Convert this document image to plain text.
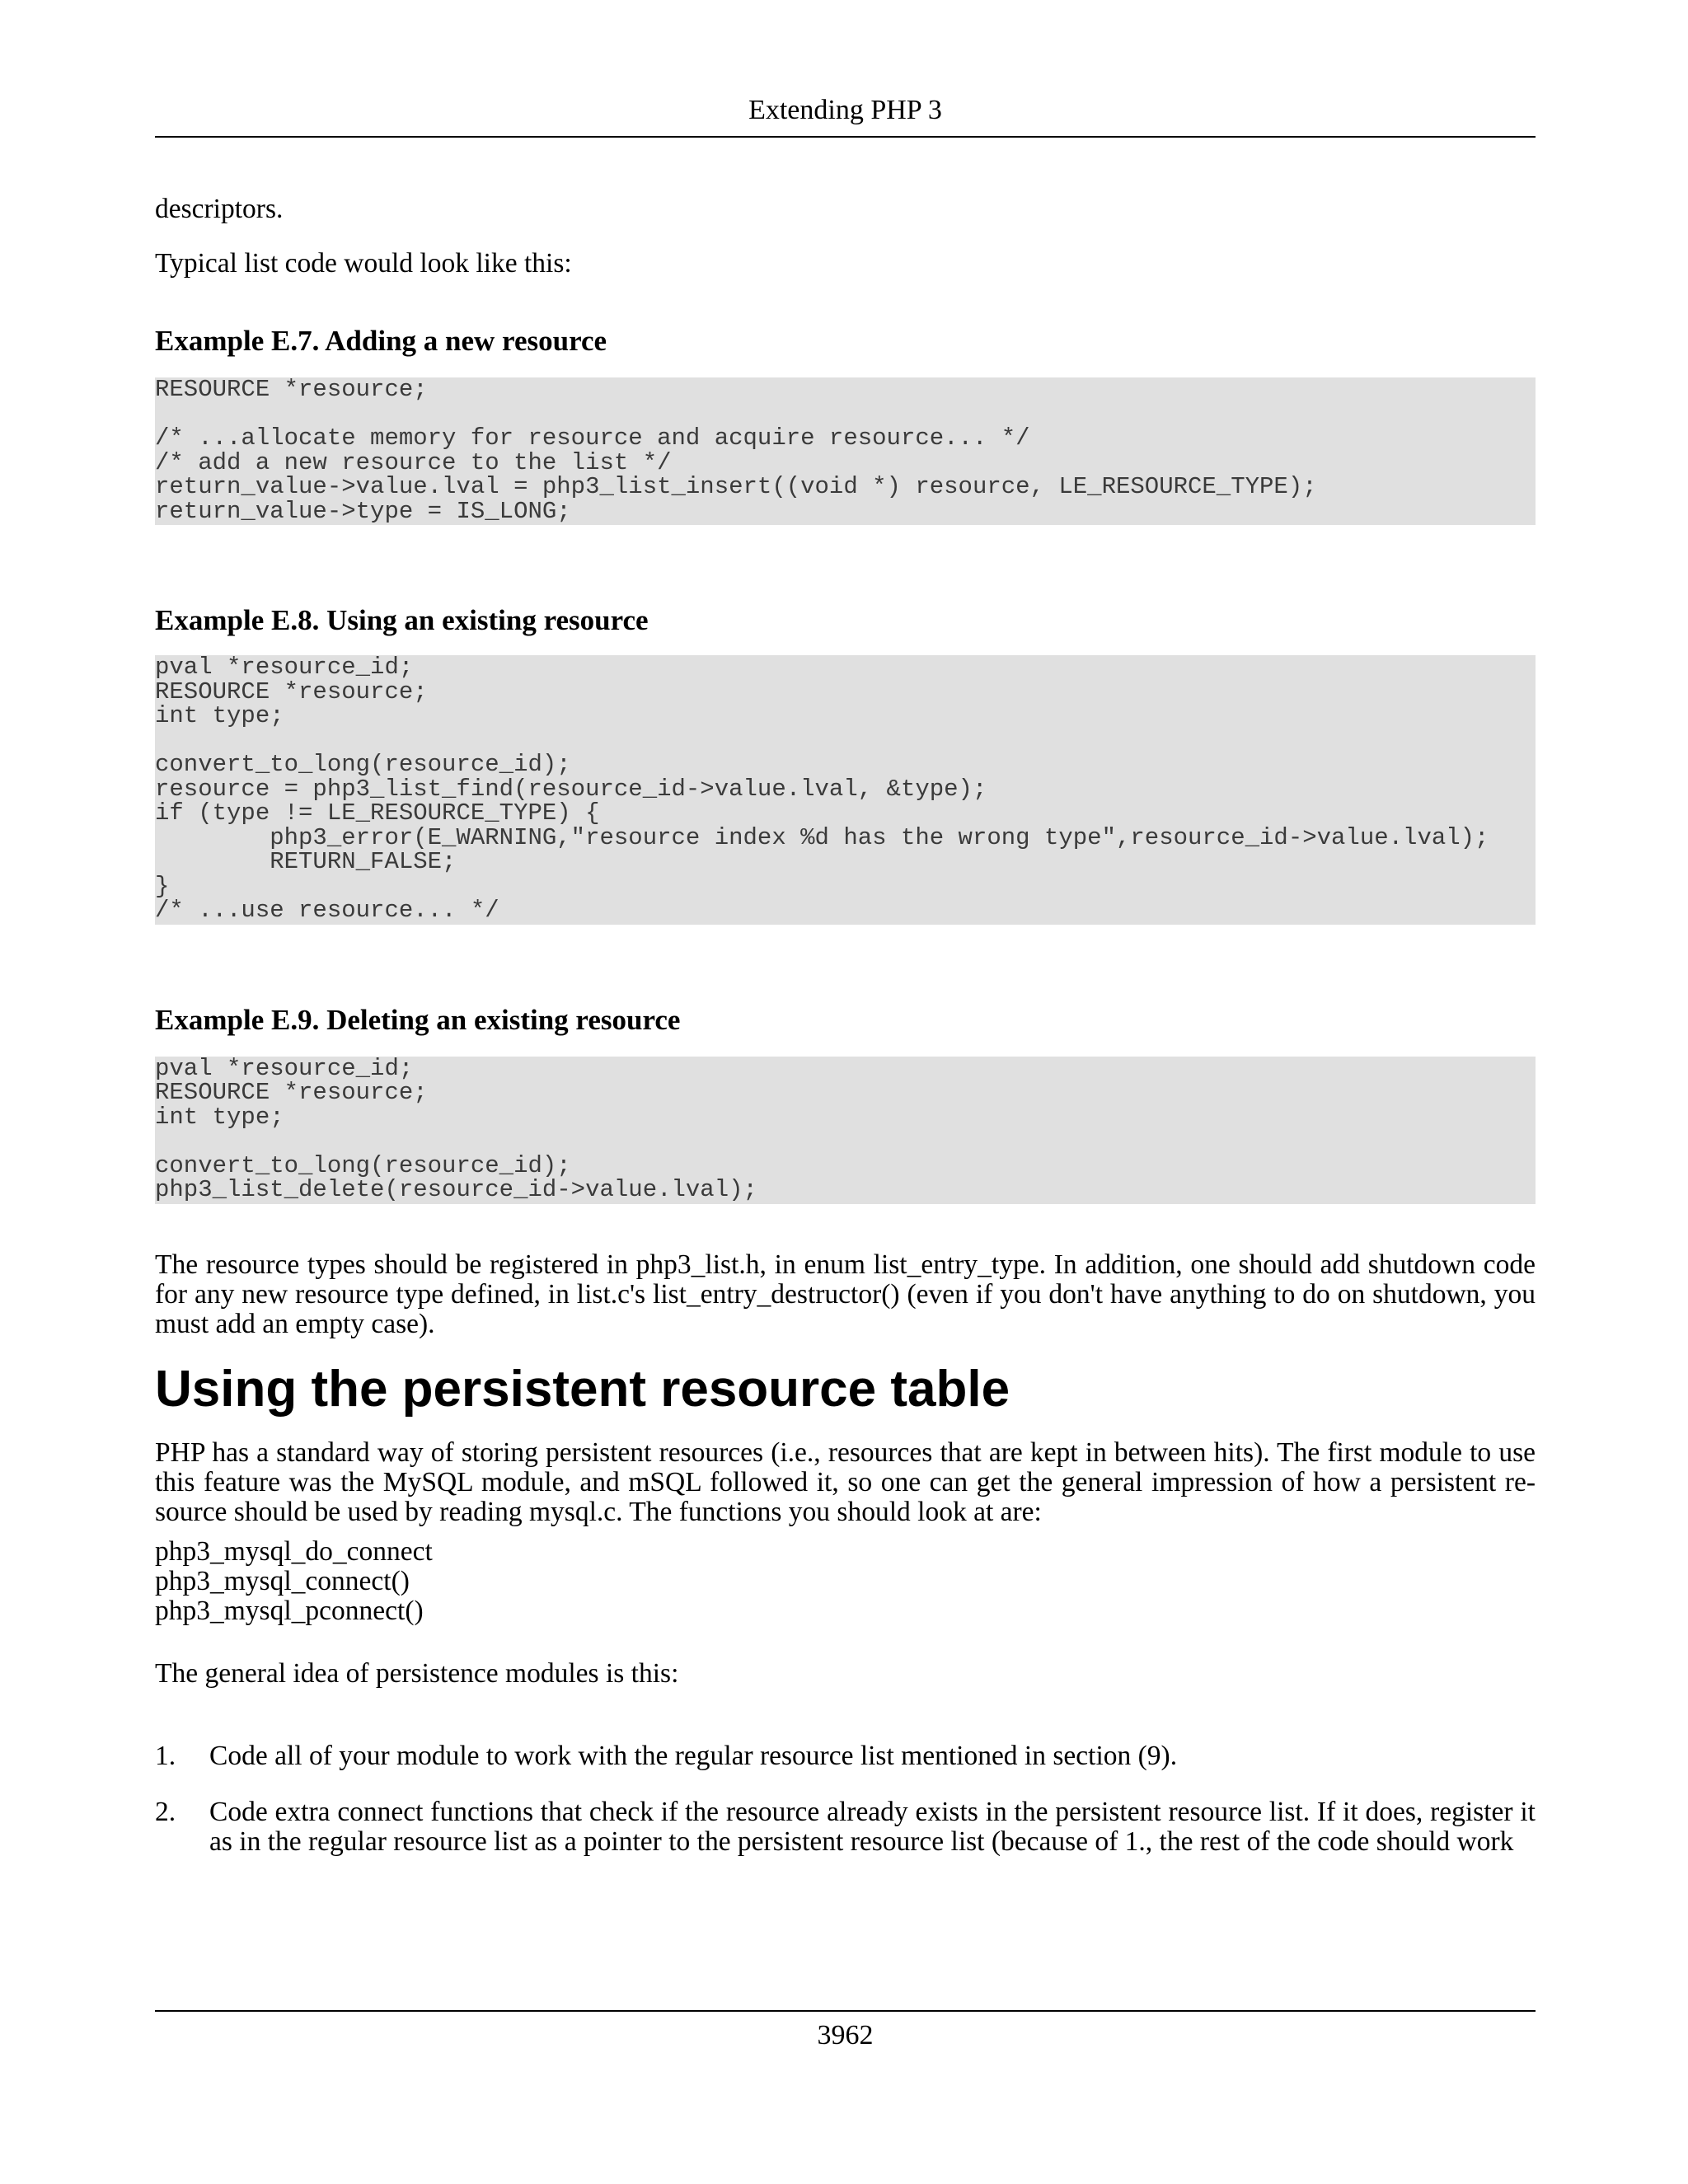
Extending PHP 3

descriptors.

Typical list code would look like this:

Example E.7. Adding a new resource
RESOURCE *resource;

/* ...allocate memory for resource and acquire resource... */
/* add a new resource to the list */
return_value->value.lval = php3_list_insert((void *) resource, LE_RESOURCE_TYPE);
return_value->type = IS_LONG;
Example E.8. Using an existing resource
pval *resource_id;
RESOURCE *resource;
int type;

convert_to_long(resource_id);
resource = php3_list_find(resource_id->value.lval, &type);
if (type != LE_RESOURCE_TYPE) {
php3_error(E_WARNING,"resource index %d has the wrong type",resource_id->value.lval);
RETURN_FALSE;
}
/* ...use resource... */
Example E.9. Deleting an existing resource
pval *resource_id;
RESOURCE *resource;
int type;

convert_to_long(resource_id);
php3_list_delete(resource_id->value.lval);

The resource types should be registered in php3_list.h, in enum list_entry_type. In addition, one should add shutdown code for any new resource type defined, in list.c's list_entry_destructor() (even if you don't have anything to do on shutdown, you must add an empty case).

Using the persistent resource table

PHP has a standard way of storing persistent resources (i.e., resources that are kept in between hits). The first module to use this feature was the MySQL module, and mSQL followed it, so one can get the general impression of how a persistent resource should be used by reading mysql.c. The functions you should look at are:

php3_mysql_do_connect
php3_mysql_connect()
php3_mysql_pconnect()

The general idea of persistence modules is this:

1. Code all of your module to work with the regular resource list mentioned in section (9).
2. Code extra connect functions that check if the resource already exists in the persistent resource list. If it does, register it as in the regular resource list as a pointer to the persistent resource list (because of 1., the rest of the code should work
3962
